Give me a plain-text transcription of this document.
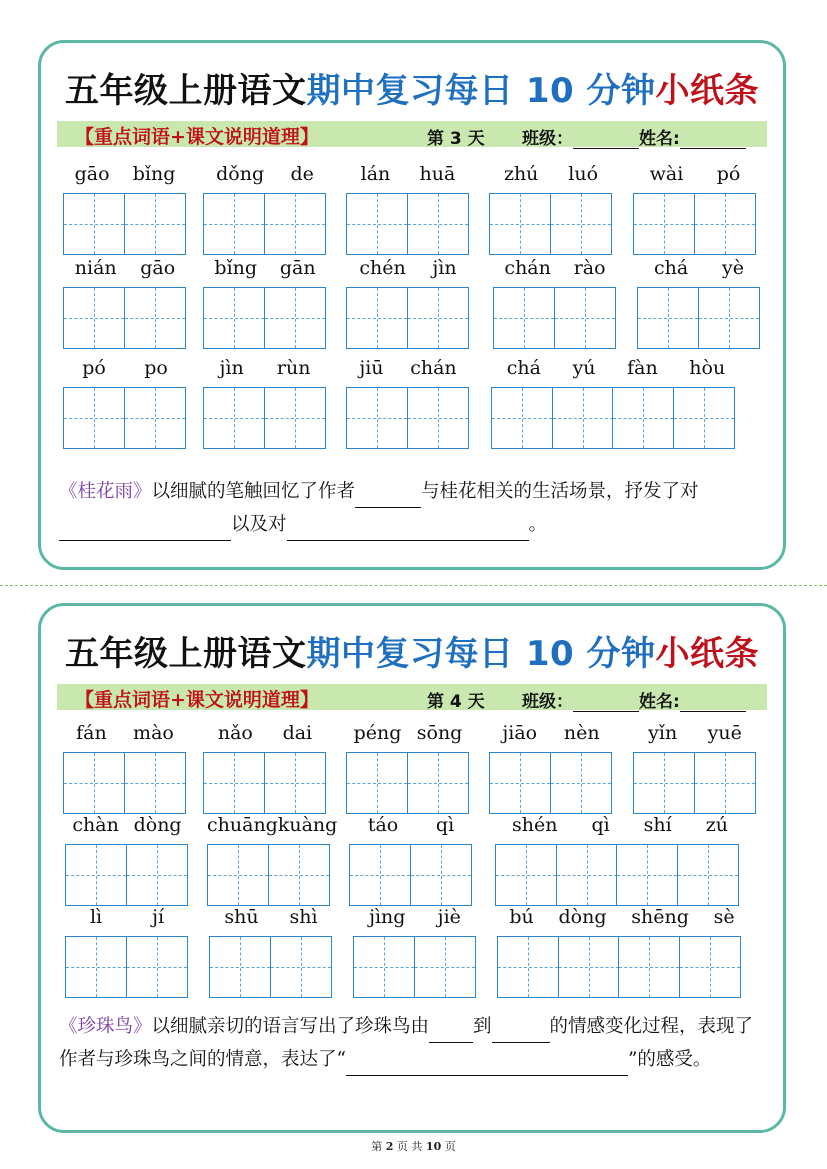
五年级上册语文期中复习每日 10 分钟小纸条
【重点词语+课文说明道理】	第 3 天 班级：	姓名:
gāo bǐng dǒng de lán huā	zhú luó	wài pó
nián gāo bǐng gān chén jìn	chán rào	chá yè
pó po	jìn rùn	jiū chán	chá yú fàn hòu
《桂花雨》以细腻的笔触回忆了作者	与桂花相关的生活场景，抒发了对以及对	。
五年级上册语文期中复习每日 10 分钟小纸条
【重点词语+课文说明道理】	第 4 天 班级：	姓名:
fán mào nǎo dai péng sōng jiāo nèn	yǐn yuē
chàn dòng chuāng kuàng táo qì	shén qì shí zú
lì	jí	shū shì	jìng jiè	bú dòng shēng sè
《珍珠鸟》以细腻亲切的语言写出了珍珠鸟由 到	的情感变化过程，表现了作者与珍珠鸟之间的情意，表达了“	”的感受。
第 2 页 共 10 页
